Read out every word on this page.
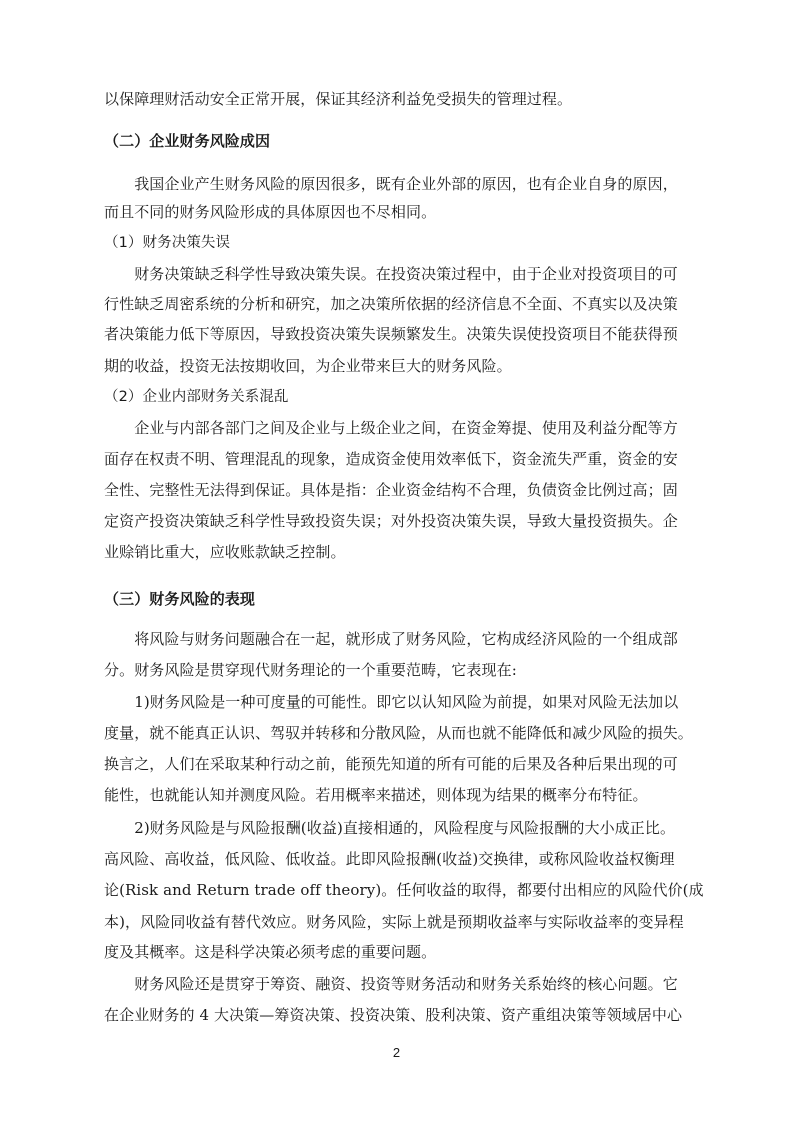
以保障理财活动安全正常开展，保证其经济利益免受损失的管理过程。
（二）企业财务风险成因
　　我国企业产生财务风险的原因很多，既有企业外部的原因，也有企业自身的原因，
而且不同的财务风险形成的具体原因也不尽相同。
（1）财务决策失误
　　财务决策缺乏科学性导致决策失误。在投资决策过程中，由于企业对投资项目的可
行性缺乏周密系统的分析和研究，加之决策所依据的经济信息不全面、不真实以及决策
者决策能力低下等原因，导致投资决策失误频繁发生。决策失误使投资项目不能获得预
期的收益，投资无法按期收回，为企业带来巨大的财务风险。
（2）企业内部财务关系混乱
　　企业与内部各部门之间及企业与上级企业之间，在资金筹提、使用及利益分配等方
面存在权责不明、管理混乱的现象，造成资金使用效率低下，资金流失严重，资金的安
全性、完整性无法得到保证。具体是指：企业资金结构不合理，负债资金比例过高；固
定资产投资决策缺乏科学性导致投资失误；对外投资决策失误，导致大量投资损失。企
业赊销比重大，应收账款缺乏控制。
（三）财务风险的表现
　　将风险与财务问题融合在一起，就形成了财务风险，它构成经济风险的一个组成部
分。财务风险是贯穿现代财务理论的一个重要范畴，它表现在:
　　1)财务风险是一种可度量的可能性。即它以认知风险为前提，如果对风险无法加以
度量，就不能真正认识、驾驭并转移和分散风险，从而也就不能降低和减少风险的损失。
换言之，人们在采取某种行动之前，能预先知道的所有可能的后果及各种后果出现的可
能性，也就能认知并测度风险。若用概率来描述，则体现为结果的概率分布特征。
　　2)财务风险是与风险报酬(收益)直接相通的，风险程度与风险报酬的大小成正比。
高风险、高收益，低风险、低收益。此即风险报酬(收益)交换律，或称风险收益权衡理
论(Risk and Return trade off theory)。任何收益的取得，都要付出相应的风险代价(成
本)，风险同收益有替代效应。财务风险，实际上就是预期收益率与实际收益率的变异程
度及其概率。这是科学决策必须考虑的重要问题。
　　财务风险还是贯穿于筹资、融资、投资等财务活动和财务关系始终的核心问题。它
在企业财务的 4 大决策—筹资决策、投资决策、股利决策、资产重组决策等领域居中心
2
